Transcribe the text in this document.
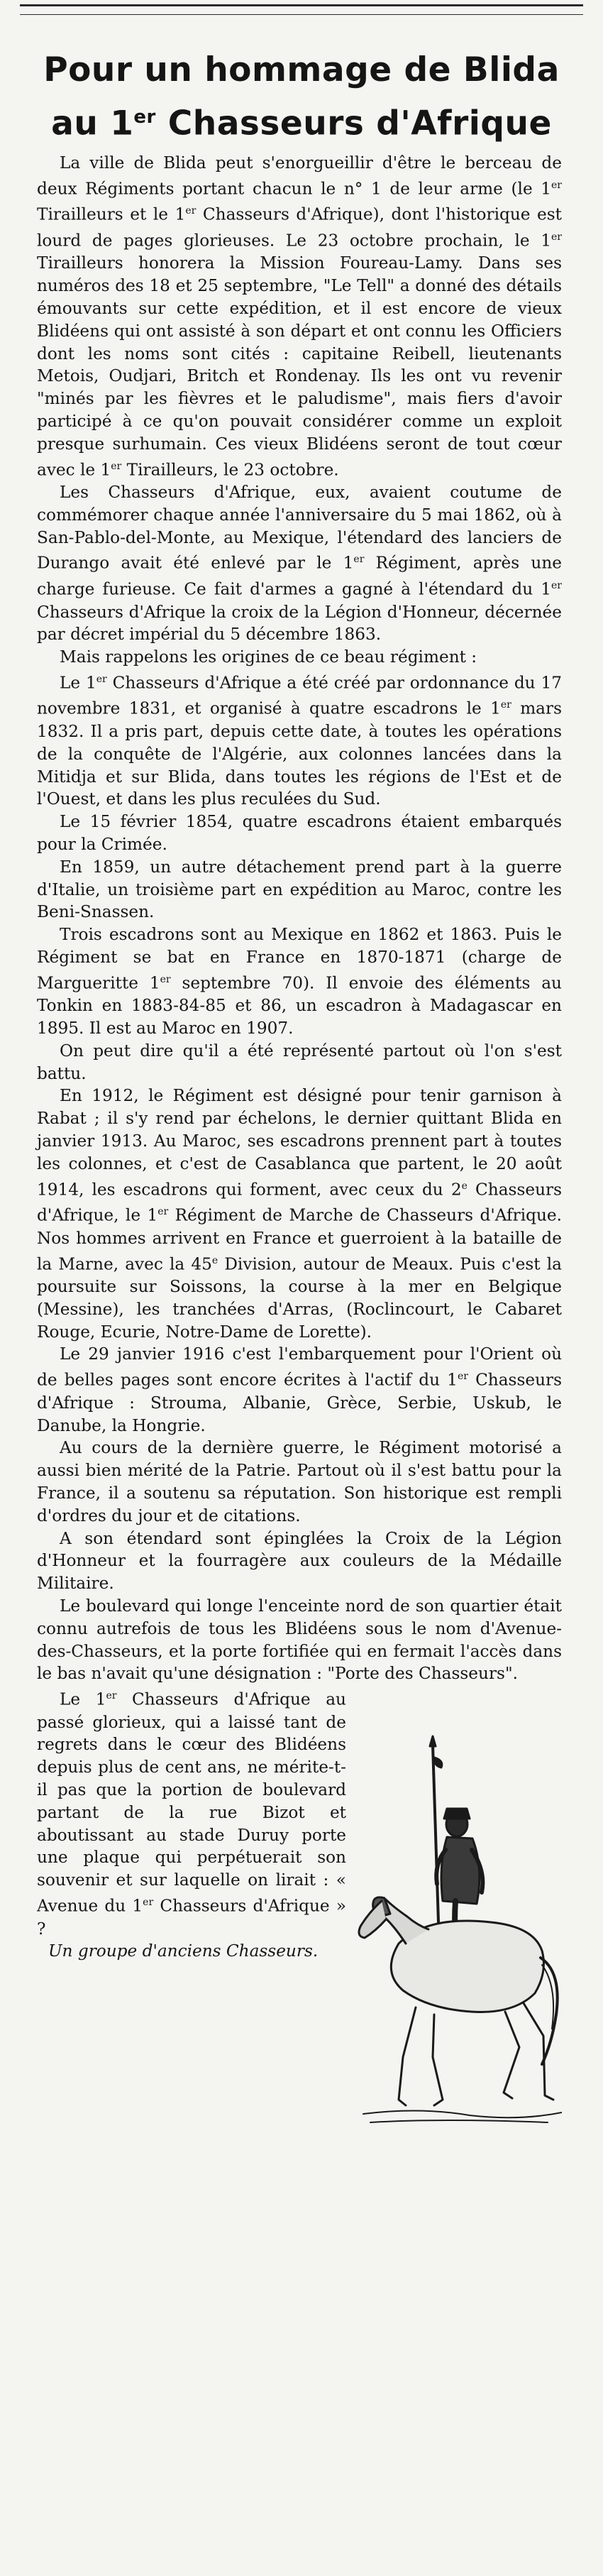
Pour un hommage de Blida
au 1er Chasseurs d'Afrique

La ville de Blida peut s'enorgueillir d'être le berceau de deux Régiments portant chacun le n° 1 de leur arme (le 1er Tirailleurs et le 1er Chasseurs d'Afrique), dont l'historique est lourd de pages glorieuses. Le 23 octobre prochain, le 1er Tirailleurs honorera la Mission Foureau-Lamy. Dans ses numéros des 18 et 25 septembre, "Le Tell" a donné des détails émouvants sur cette expédition, et il est encore de vieux Blidéens qui ont assisté à son départ et ont connu les Officiers dont les noms sont cités : capitaine Reibell, lieutenants Metois, Oudjari, Britch et Rondenay. Ils les ont vu revenir "minés par les fièvres et le paludisme", mais fiers d'avoir participé à ce qu'on pouvait considérer comme un exploit presque surhumain. Ces vieux Blidéens seront de tout cœur avec le 1er Tirailleurs, le 23 octobre.

Les Chasseurs d'Afrique, eux, avaient coutume de commémorer chaque année l'anniversaire du 5 mai 1862, où à San-Pablo-del-Monte, au Mexique, l'étendard des lanciers de Durango avait été enlevé par le 1er Régiment, après une charge furieuse. Ce fait d'armes a gagné à l'étendard du 1er Chasseurs d'Afrique la croix de la Légion d'Honneur, décernée par décret impérial du 5 décembre 1863.

Mais rappelons les origines de ce beau régiment :

Le 1er Chasseurs d'Afrique a été créé par ordonnance du 17 novembre 1831, et organisé à quatre escadrons le 1er mars 1832. Il a pris part, depuis cette date, à toutes les opérations de la conquête de l'Algérie, aux colonnes lancées dans la Mitidja et sur Blida, dans toutes les régions de l'Est et de l'Ouest, et dans les plus reculées du Sud.

Le 15 février 1854, quatre escadrons étaient embarqués pour la Crimée.

En 1859, un autre détachement prend part à la guerre d'Italie, un troisième part en expédition au Maroc, contre les Beni-Snassen.

Trois escadrons sont au Mexique en 1862 et 1863. Puis le Régiment se bat en France en 1870-1871 (charge de Margueritte 1er septembre 70). Il envoie des éléments au Tonkin en 1883-84-85 et 86, un escadron à Madagascar en 1895. Il est au Maroc en 1907.

On peut dire qu'il a été représenté partout où l'on s'est battu.

En 1912, le Régiment est désigné pour tenir garnison à Rabat ; il s'y rend par échelons, le dernier quittant Blida en janvier 1913. Au Maroc, ses escadrons prennent part à toutes les colonnes, et c'est de Casablanca que partent, le 20 août 1914, les escadrons qui forment, avec ceux du 2e Chasseurs d'Afrique, le 1er Régiment de Marche de Chasseurs d'Afrique. Nos hommes arrivent en France et guerroient à la bataille de la Marne, avec la 45e Division, autour de Meaux. Puis c'est la poursuite sur Soissons, la course à la mer en Belgique (Messine), les tranchées d'Arras, (Roclincourt, le Cabaret Rouge, Ecurie, Notre-Dame de Lorette).

Le 29 janvier 1916 c'est l'embarquement pour l'Orient où de belles pages sont encore écrites à l'actif du 1er Chasseurs d'Afrique : Strouma, Albanie, Grèce, Serbie, Uskub, le Danube, la Hongrie.

Au cours de la dernière guerre, le Régiment motorisé a aussi bien mérité de la Patrie. Partout où il s'est battu pour la France, il a soutenu sa réputation. Son historique est rempli d'ordres du jour et de citations.

A son étendard sont épinglées la Croix de la Légion d'Honneur et la fourragère aux couleurs de la Médaille Militaire.

Le boulevard qui longe l'enceinte nord de son quartier était connu autrefois de tous les Blidéens sous le nom d'Avenue-des-Chasseurs, et la porte fortifiée qui en fermait l'accès dans le bas n'avait qu'une désignation : "Porte des Chasseurs".

Le 1er Chasseurs d'Afrique au passé glorieux, qui a laissé tant de regrets dans le cœur des Blidéens depuis plus de cent ans, ne mérite-t-il pas que la portion de boulevard partant de la rue Bizot et aboutissant au stade Duruy porte une plaque qui perpétuerait son souvenir et sur laquelle on lirait : « Avenue du 1er Chasseurs d'Afrique » ?

Un groupe d'anciens Chasseurs.
